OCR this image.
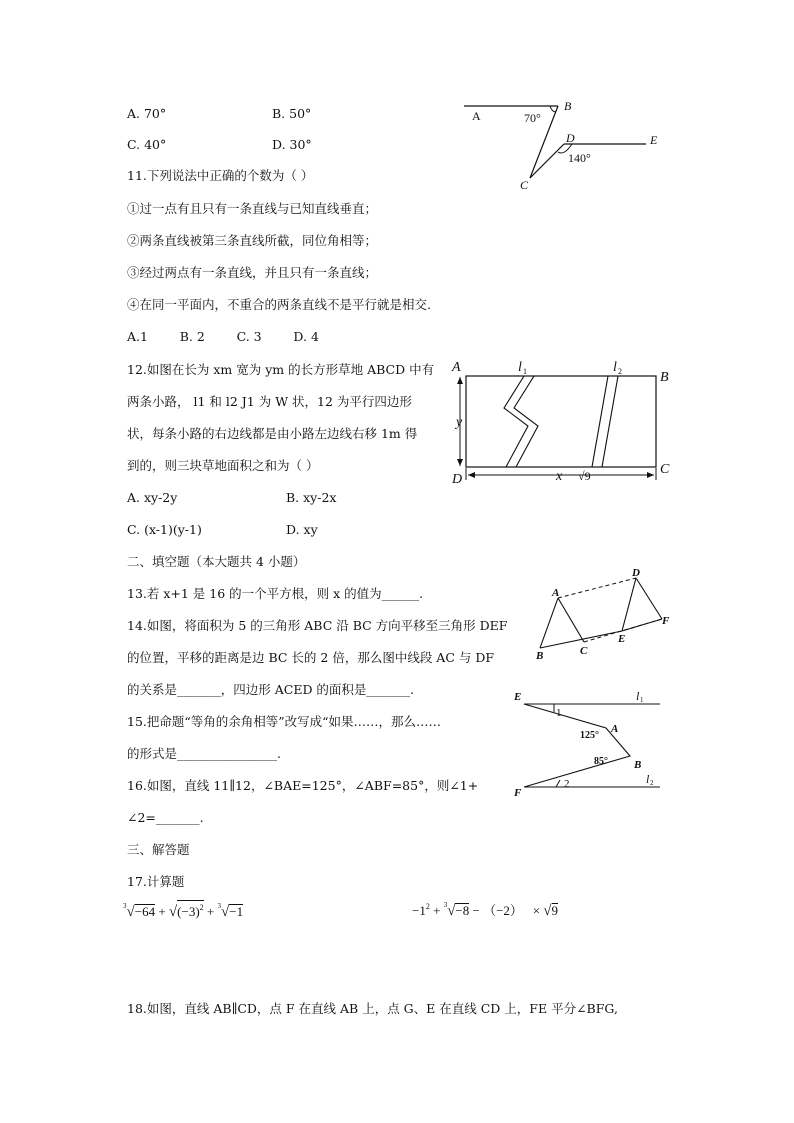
A. 70°	B. 50°
C. 40°	D. 30°
A
B
C
D	E
70°
140°
11.下列说法中正确的个数为（ ）
①过一点有且只有一条直线与已知直线垂直；
②两条直线被第三条直线所截，同位角相等；
③经过两点有一条直线，并且只有一条直线；
④在同一平面内，不重合的两条直线不是平行就是相交.
A.1        B. 2        C. 3        D. 4
12.如图在长为 xm 宽为 ym 的长方形草地 ABCD 中有
两条小路， l1 和 l2 J1 为 W 状，12 为平行四边形
状，每条小路的右边线都是由小路左边线右移 1m 得
到的，则三块草地面积之和为（ ）
A. xy-2y	B. xy-2x
C. (x-1)(y-1)	D. xy
A
B
C
D
l 1	l 2
y
x √9
二、填空题（本大题共 4 小题）
13.若 x+1 是 16 的一个平方根，则 x 的值为______.
14.如图，将面积为 5 的三角形 ABC 沿 BC 方向平移至三角形 DEF
的位置，平移的距离是边 BC 长的 2 倍，那么图中线段 AC 与 DF
的关系是_______，四边形 ACED 的面积是_______.
A
B	C
D
E
F
15.把命题“等角的余角相等”改写成“如果……，那么……
的形式是________________.
16.如图，直线 11∥12，∠BAE=125°，∠ABF=85°，则∠1+
∠2=_______.
E
F
A
B
l 1
l 2
125°
85°
1
2
三、解答题
17.计算题
$^3√-64 + √(-3)^2 + ^3√-1$	$-1^2 + ^3√-8 - (-2) \times √9$
18.如图，直线 AB∥CD，点 F 在直线 AB 上，点 G、E 在直线 CD 上，FE 平分∠BFG,
